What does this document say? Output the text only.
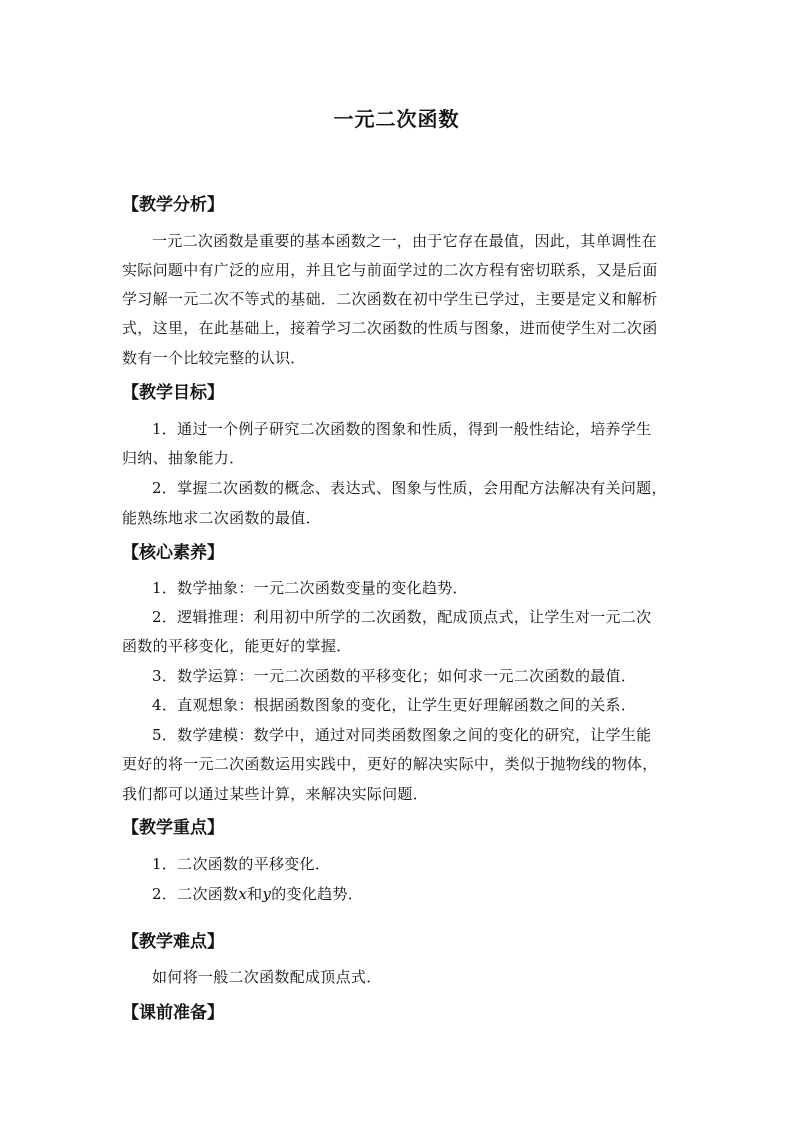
一元二次函数
【教学分析】
一元二次函数是重要的基本函数之一，由于它存在最值，因此，其单调性在
实际问题中有广泛的应用，并且它与前面学过的二次方程有密切联系，又是后面
学习解一元二次不等式的基础．二次函数在初中学生已学过，主要是定义和解析
式，这里，在此基础上，接着学习二次函数的性质与图象，进而使学生对二次函
数有一个比较完整的认识．
【教学目标】
1．通过一个例子研究二次函数的图象和性质，得到一般性结论，培养学生
归纳、抽象能力．
2．掌握二次函数的概念、表达式、图象与性质，会用配方法解决有关问题，
能熟练地求二次函数的最值．
【核心素养】
1．数学抽象：一元二次函数变量的变化趋势．
2．逻辑推理：利用初中所学的二次函数，配成顶点式，让学生对一元二次
函数的平移变化，能更好的掌握．
3．数学运算：一元二次函数的平移变化；如何求一元二次函数的最值．
4．直观想象：根据函数图象的变化，让学生更好理解函数之间的关系．
5．数学建模：数学中，通过对同类函数图象之间的变化的研究，让学生能
更好的将一元二次函数运用实践中，更好的解决实际中，类似于抛物线的物体，
我们都可以通过某些计算，来解决实际问题．
【教学重点】
1．二次函数的平移变化．
2．二次函数x和y的变化趋势．
【教学难点】
如何将一般二次函数配成顶点式．
【课前准备】
